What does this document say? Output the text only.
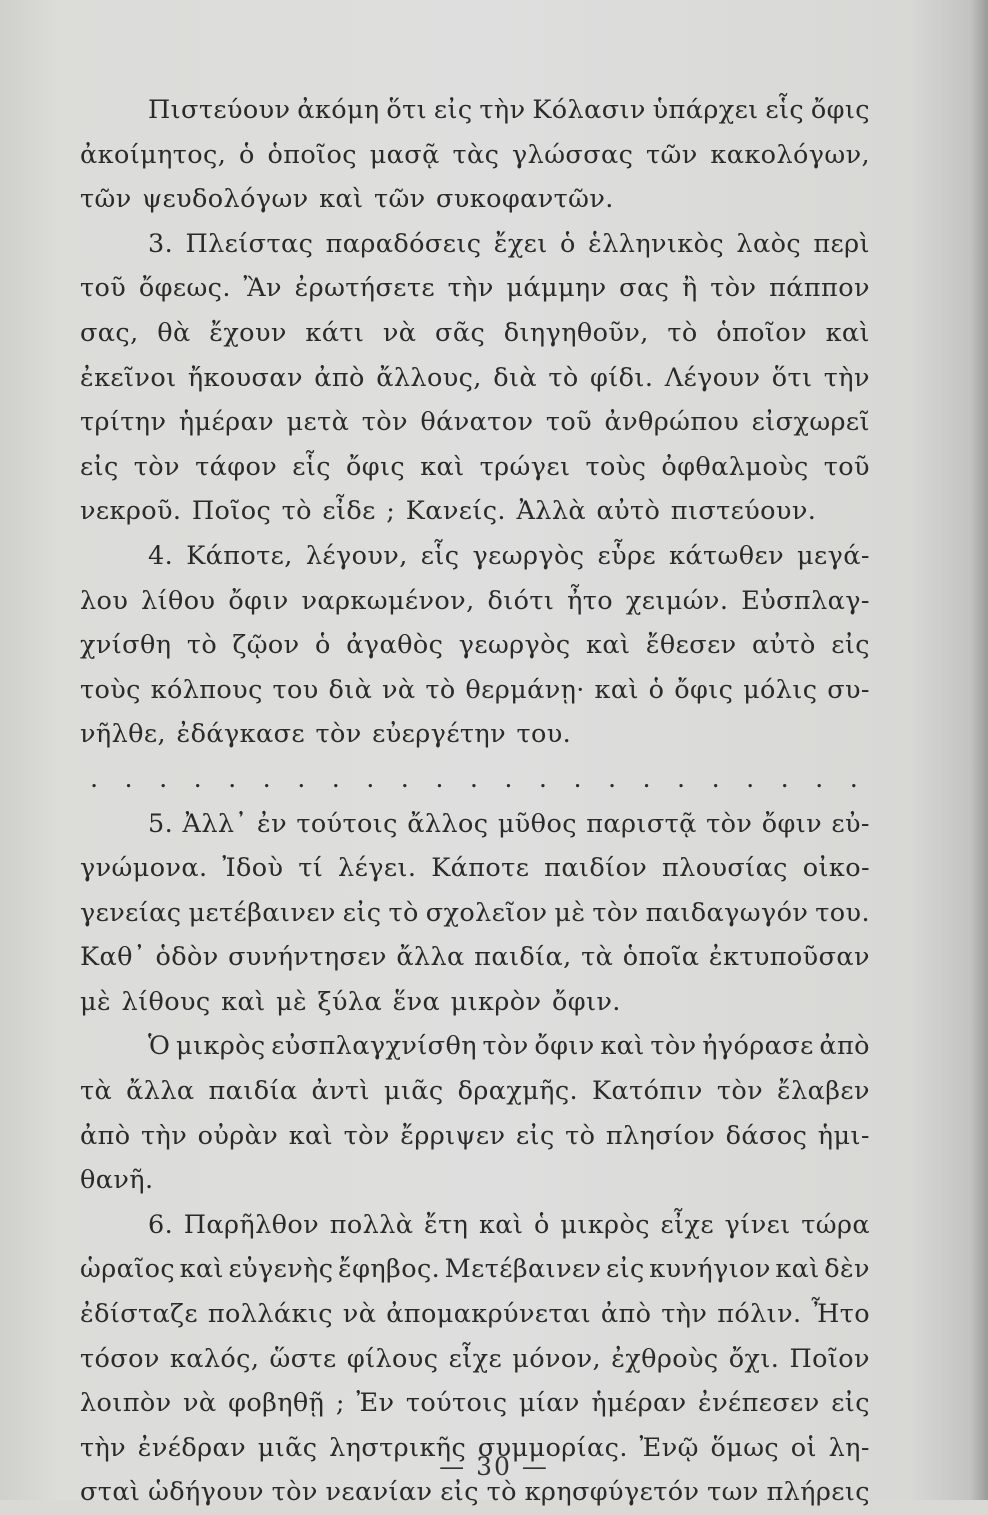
Πιστεύουν ἀκόμη ὅτι εἰς τὴν Κόλασιν ὑπάρχει εἷς ὄφις
ἀκοίμητος, ὁ ὁποῖος μασᾷ τὰς γλώσσας τῶν κακολόγων,
τῶν ψευδολόγων καὶ τῶν συκοφαντῶν.
3. Πλείστας παραδόσεις ἔχει ὁ ἑλληνικὸς λαὸς περὶ
τοῦ ὄφεως. Ἂν ἐρωτήσετε τὴν μάμμην σας ἢ τὸν πάππον
σας, θὰ ἔχουν κάτι νὰ σᾶς διηγηθοῦν, τὸ ὁποῖον καὶ
ἐκεῖνοι ἤκουσαν ἀπὸ ἄλλους, διὰ τὸ φίδι. Λέγουν ὅτι τὴν
τρίτην ἡμέραν μετὰ τὸν θάνατον τοῦ ἀνθρώπου εἰσχωρεῖ
εἰς τὸν τάφον εἷς ὄφις καὶ τρώγει τοὺς ὀφθαλμοὺς τοῦ
νεκροῦ. Ποῖος τὸ εἶδε ; Κανείς. Ἀλλὰ αὐτὸ πιστεύουν.
4. Κάποτε, λέγουν, εἷς γεωργὸς εὗρε κάτωθεν μεγά-
λου λίθου ὄφιν ναρκωμένον, διότι ἦτο χειμών. Εὐσπλαγ-
χνίσθη τὸ ζῷον ὁ ἀγαθὸς γεωργὸς καὶ ἔθεσεν αὐτὸ εἰς
τοὺς κόλπους του διὰ νὰ τὸ θερμάνῃ· καὶ ὁ ὄφις μόλις συ-
νῆλθε, ἐδάγκασε τὸν εὐεργέτην του.
. . . . . . . . . . . . . . . . . . . . . . .
5. Ἀλλ᾽ ἐν τούτοις ἄλλος μῦθος παριστᾷ τὸν ὄφιν εὐ-
γνώμονα. Ἰδοὺ τί λέγει. Κάποτε παιδίον πλουσίας οἰκο-
γενείας μετέβαινεν εἰς τὸ σχολεῖον μὲ τὸν παιδαγωγόν του.
Καθ᾽ ὁδὸν συνήντησεν ἄλλα παιδία, τὰ ὁποῖα ἐκτυποῦσαν
μὲ λίθους καὶ μὲ ξύλα ἕνα μικρὸν ὄφιν.
Ὁ μικρὸς εὐσπλαγχνίσθη τὸν ὄφιν καὶ τὸν ἠγόρασε ἀπὸ
τὰ ἄλλα παιδία ἀντὶ μιᾶς δραχμῆς. Κατόπιν τὸν ἔλαβεν
ἀπὸ τὴν οὐρὰν καὶ τὸν ἔρριψεν εἰς τὸ πλησίον δάσος ἡμι-
θανῆ.
6. Παρῆλθον πολλὰ ἔτη καὶ ὁ μικρὸς εἶχε γίνει τώρα
ὡραῖος καὶ εὐγενὴς ἔφηβος. Μετέβαινεν εἰς κυνήγιον καὶ δὲν
ἐδίσταζε πολλάκις νὰ ἀπομακρύνεται ἀπὸ τὴν πόλιν. Ἦτο
τόσον καλός, ὥστε φίλους εἶχε μόνον, ἐχθροὺς ὄχι. Ποῖον
λοιπὸν νὰ φοβηθῇ ; Ἐν τούτοις μίαν ἡμέραν ἐνέπεσεν εἰς
τὴν ἐνέδραν μιᾶς ληστρικῆς συμμορίας. Ἐνῷ ὅμως οἱ λη-
σταὶ ὡδήγουν τὸν νεανίαν εἰς τὸ κρησφύγετόν των πλήρεις
— 30 —
